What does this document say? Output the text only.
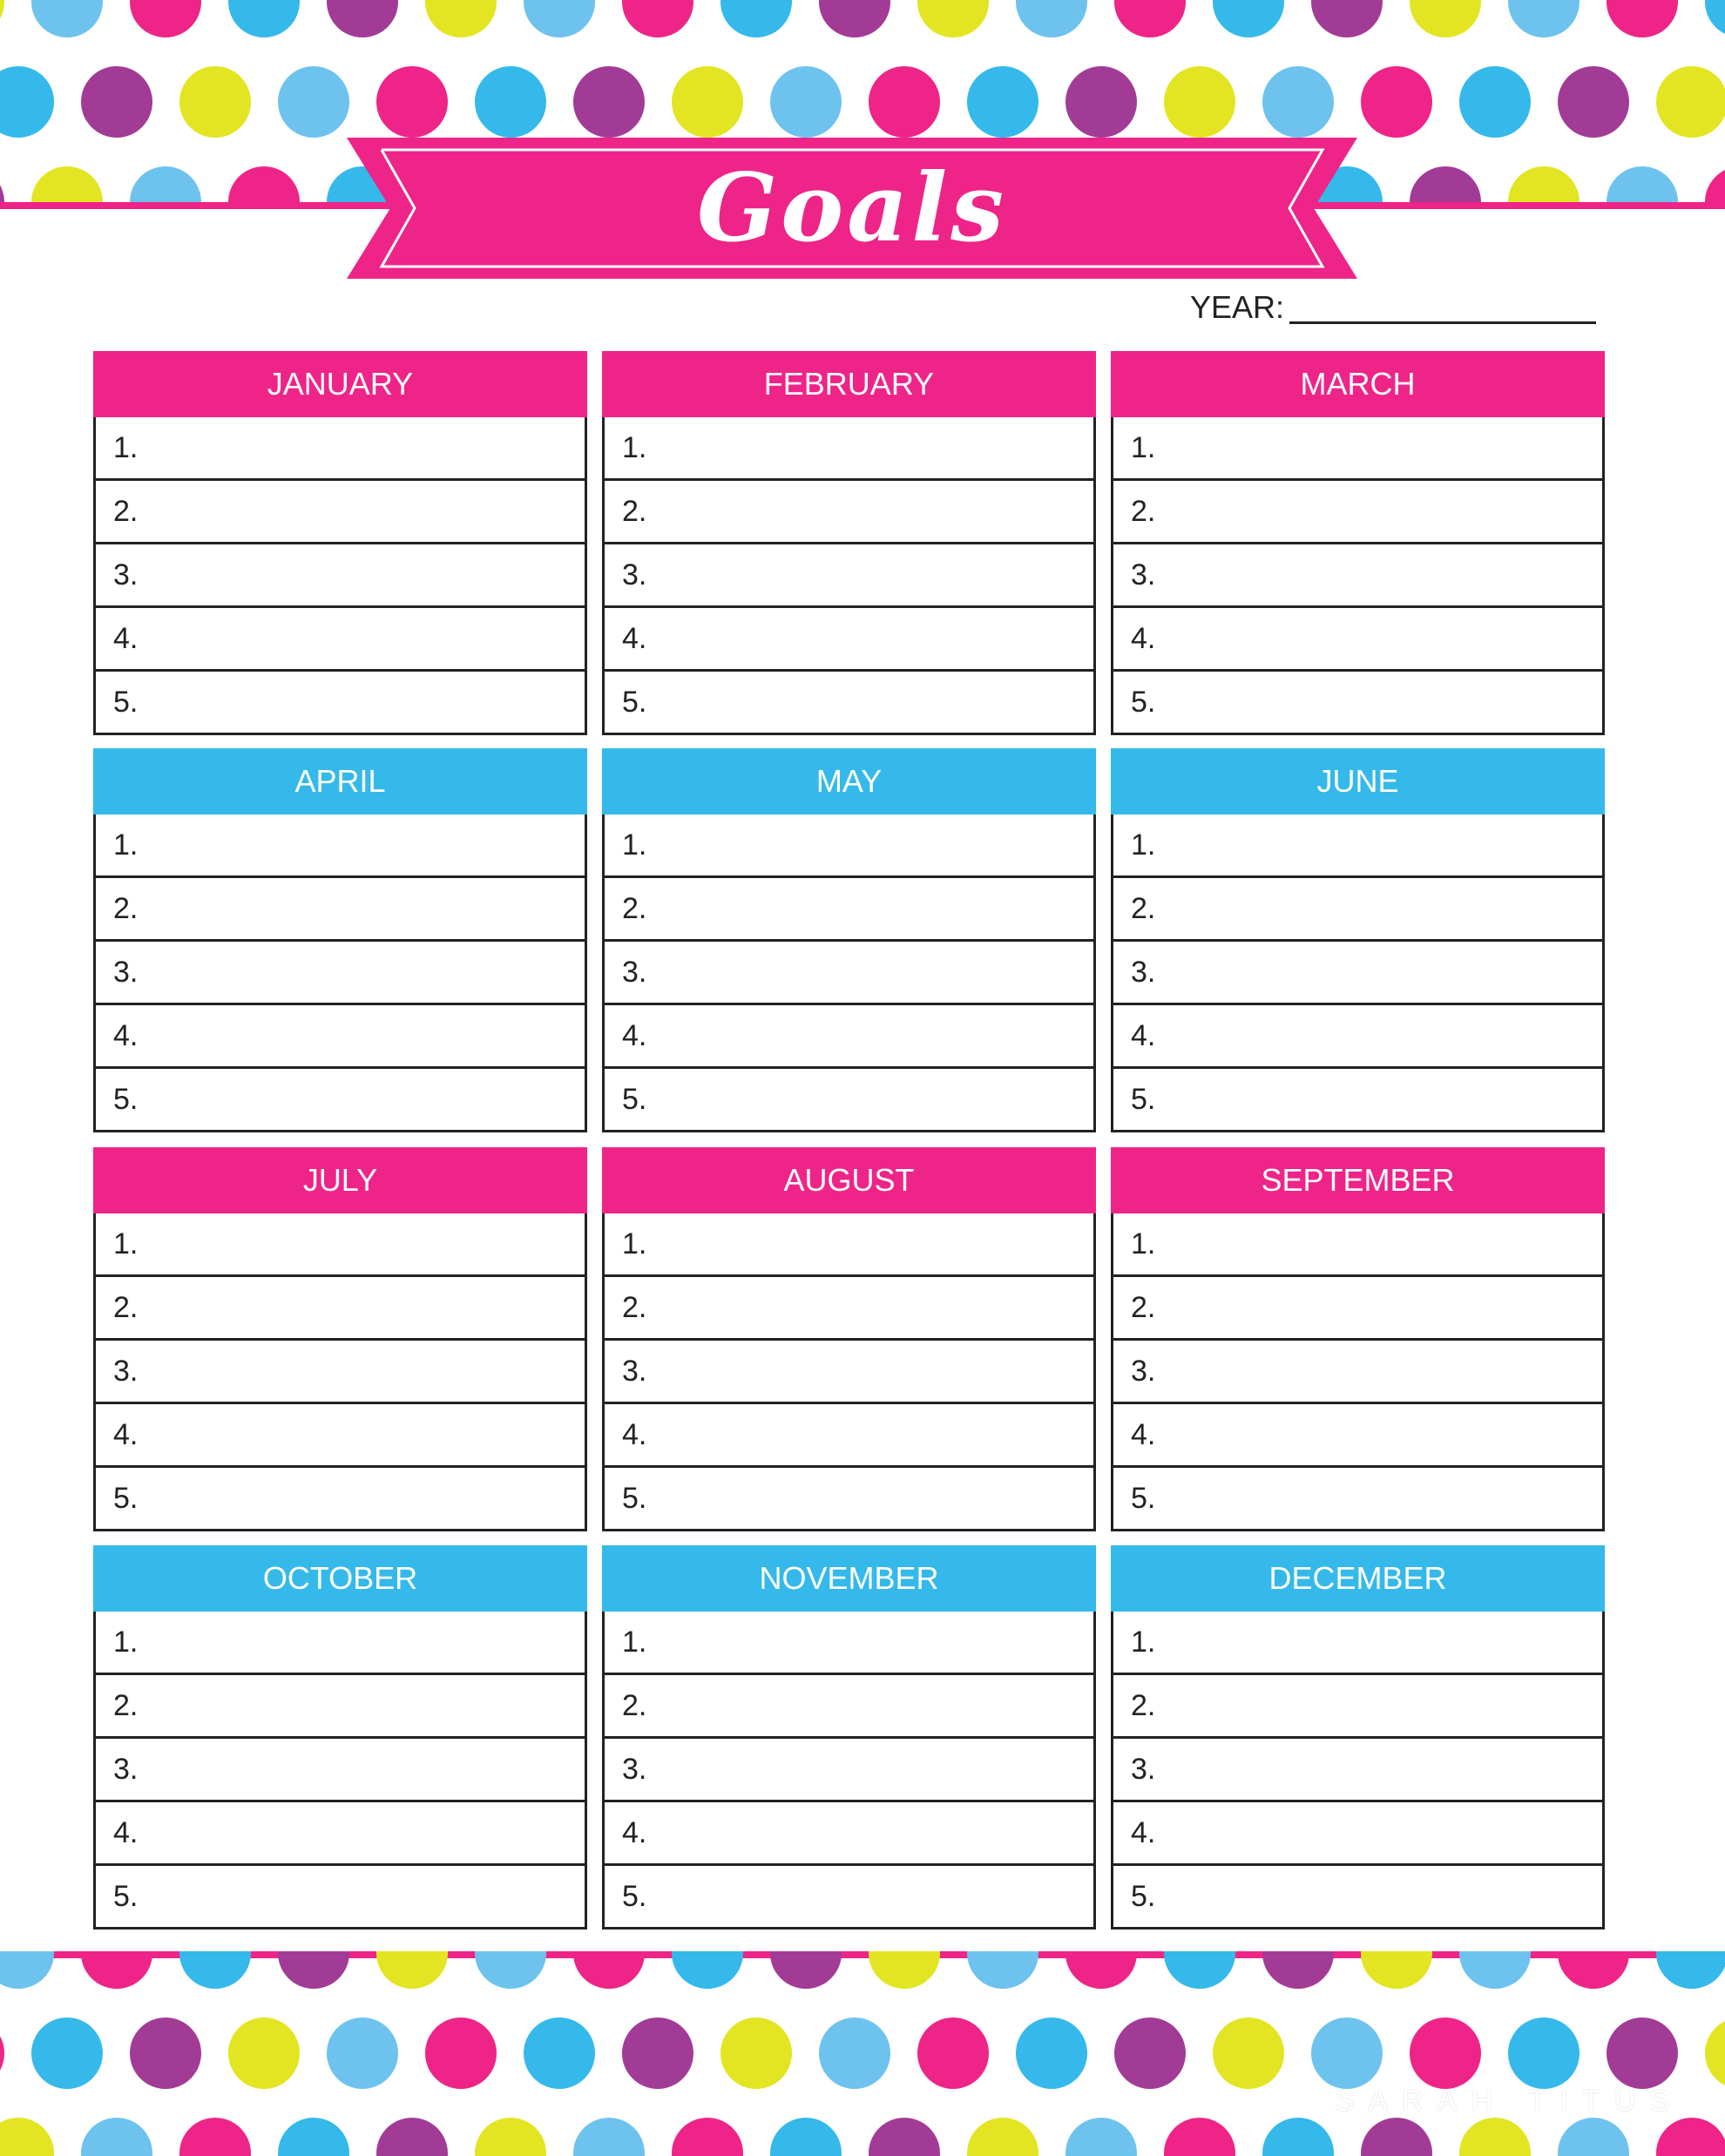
Goals
YEAR:
JANUARY
1.
2.
3.
4.
5.
FEBRUARY
1.
2.
3.
4.
5.
MARCH
1.
2.
3.
4.
5.
APRIL
1.
2.
3.
4.
5.
MAY
1.
2.
3.
4.
5.
JUNE
1.
2.
3.
4.
5.
JULY
1.
2.
3.
4.
5.
AUGUST
1.
2.
3.
4.
5.
SEPTEMBER
1.
2.
3.
4.
5.
OCTOBER
1.
2.
3.
4.
5.
NOVEMBER
1.
2.
3.
4.
5.
DECEMBER
1.
2.
3.
4.
5.
SARAH TITUS
